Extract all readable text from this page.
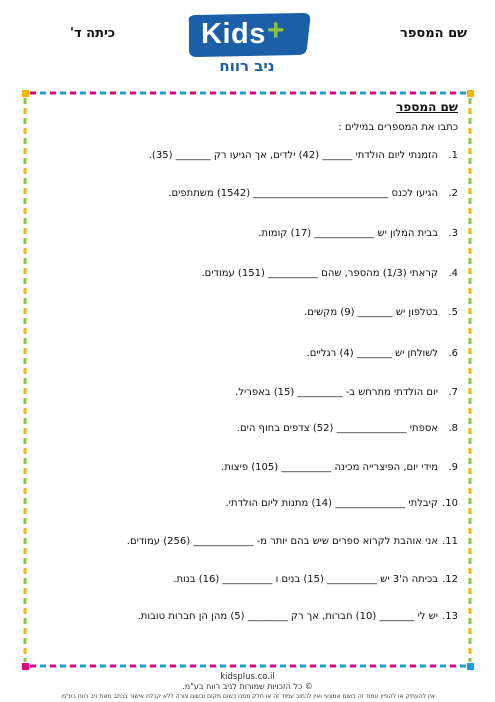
שם המספר
כיתה ד'	Kids +
ניב רווח
שם המספר
כתבו את המספרים במילים :
1.
הזמנתי ליום הולדתי ______ (42) ילדים, אך הגיעו רק _______ (35).
2.
הגיעו לכנס ___________________________ (1542) משתתפים.
3.
בבית המלון יש ____________ (17) קומות.
4.
קראתי (1/3) מהספר, שהם __________ (151) עמודים.
5.
בטלפון יש _______ (9) מקשים.
6.
לשולחן יש _______ (4) רגליים.
7.
יום הולדתי מתרחש ב- _________ (15) באפריל.
8.
אספתי ______________ (52) צדפים בחוף הים.
9.
מידי יום, הפיצרייה מכינה __________ (105) פיצות.
10.
קיבלתי ______________ (14) מתנות ליום הולדתי.
11.
אני אוהבת לקרוא ספרים שיש בהם יותר מ- ____________ (256) עמודים.
12.
בכיתה ה'3 יש __________ (15) בנים ו __________ (16) בנות.
13.
יש לי _______ (10) חברות, אך רק ________ (5) מהן הן חברות טובות.
kidsplus.co.il
© כל הזכויות שמורות לניב רווח בע"מ.
אין להעתיק או להפיץ עמוד זה בשום אמצעי ואין לכתוב עמוד זה או חלק ממנו בשום מקום ובשום צורה ללא קבלת אישור בכתב מאת ניב רווח בע"מ.
